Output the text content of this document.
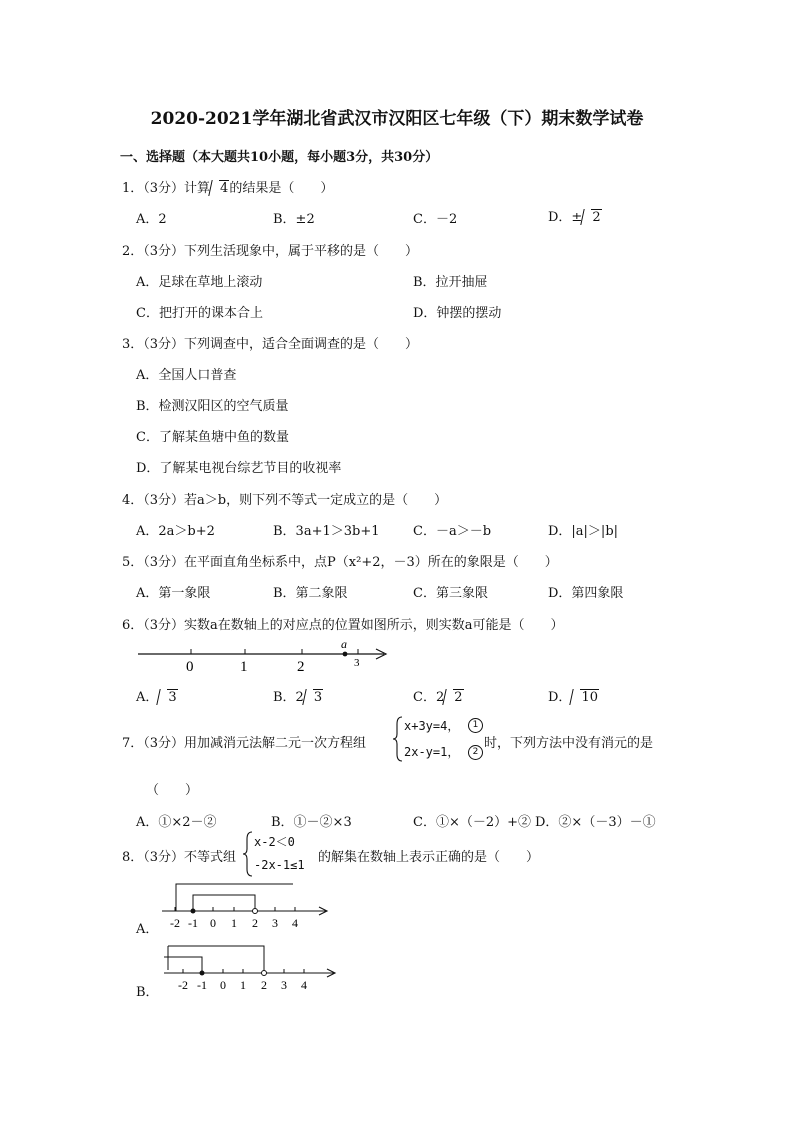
2020-2021学年湖北省武汉市汉阳区七年级（下）期末数学试卷
一、选择题（本大题共10小题，每小题3分，共30分）
1．（3分）计算 4的结果是（　　）
A．2	B．±2	C．－2	D．± 2
2．（3分）下列生活现象中，属于平移的是（　　）
A．足球在草地上滚动	B．拉开抽屉
C．把打开的课本合上	D．钟摆的摆动
3．（3分）下列调查中，适合全面调查的是（　　）
A．全国人口普查
B．检测汉阳区的空气质量
C．了解某鱼塘中鱼的数量
D．了解某电视台综艺节目的收视率
4．（3分）若a＞b，则下列不等式一定成立的是（　　）
A．2a＞b+2	B．3a+1＞3b+1	C．－a＞－b	D．|a|＞|b|
5．（3分）在平面直角坐标系中，点P（x²+2，－3）所在的象限是（　　）
A．第一象限	B．第二象限	C．第三象限	D．第四象限
6．（3分）实数a在数轴上的对应点的位置如图所示，则实数a可能是（　　）
a
0	1	2	3
A． 3	B．2 3	C．2 2	D． 10
7．（3分）用加减消元法解二元一次方程组
x+3y=4，
2x-y=1，
1
2
时，下列方法中没有消元的是
（　　）
A．①×2－②	B．①－②×3	C．①×（－2）+② D．②×（－3）－①
8．（3分）不等式组
x-2＜0
-2x-1≤1 的解集在数轴上表示正确的是（　　）
A． -2 -1 0 1 2 3 4
B． -2 -1 0 1 2 3 4
